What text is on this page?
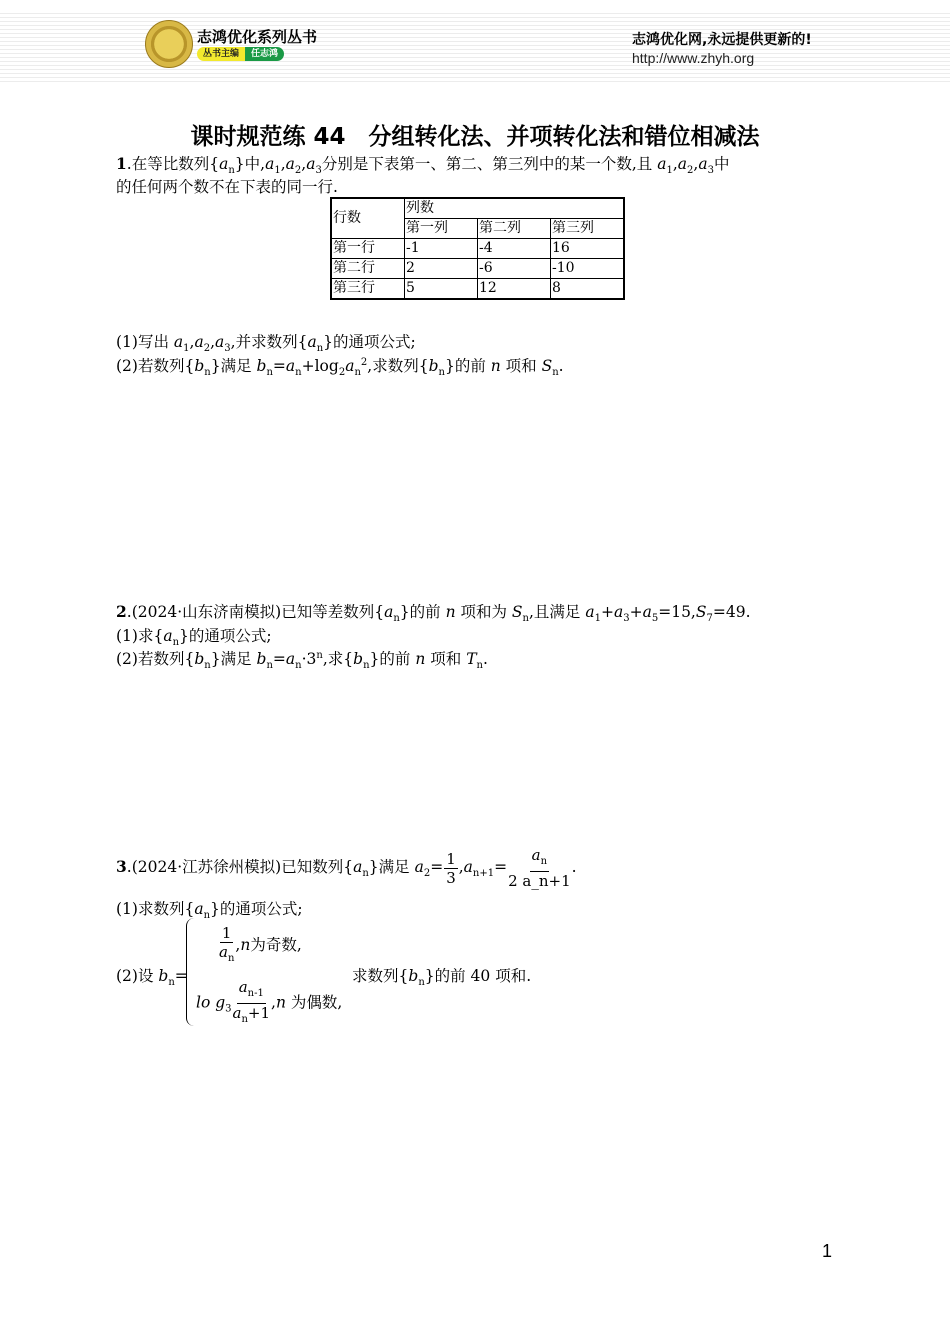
志鸿优化系列丛书
丛书主编	任志鸿
志鸿优化网,永远提供更新的!
http://www.zhyh.org
课时规范练 44　分组转化法、并项转化法和错位相减法
1.在等比数列$\{a_n\}$中$,a_1,a_2,a_3$分别是下表第一、第二、第三列中的某一个数,且 $a_1,a_2,a_3$中
的任何两个数不在下表的同一行.
行数	列数		
	第一列	第二列	第三列
第一行	-1	-4	16
第二行	2	-6	-10
第三行	5	12	8
(1)写出 $a_1,a_2,a_3$,并求数列$\{a_n\}$的通项公式;
(2)若数列$\{b_n\}$满足 $b_n=a_n+\log_2a_n^2$,求数列$\{b_n\}$的前 n 项和 $S_n$.
2.(2024·山东济南模拟)已知等差数列$\{a_n\}$的前 n 项和为 $S_n$,且满足 $a_1+a_3+a_5=15,S_7=49$.
(1)求$\{a_n\}$的通项公式;
(2)若数列$\{b_n\}$满足 $b_n=a_n\cdot 3^n$,求$\{b_n\}$的前 n 项和 $T_n$.
3.(2024·江苏徐州模拟)已知数列$\{a_n\}$满足 $a_2= \frac{1}{3} ,a_{n+1}= \frac{a_n}{2 a\_n+1}$ .
(1)求数列$\{a_n\}$的通项公式;
(2)设 $b_n=$
$\frac{1}{a_n} ,n$为奇数,
lo $g_3 \frac{a_{n-1}}{a_n+1} ,n$ 为偶数,
求数列$\{b_n\}$的前 40 项和.
1
